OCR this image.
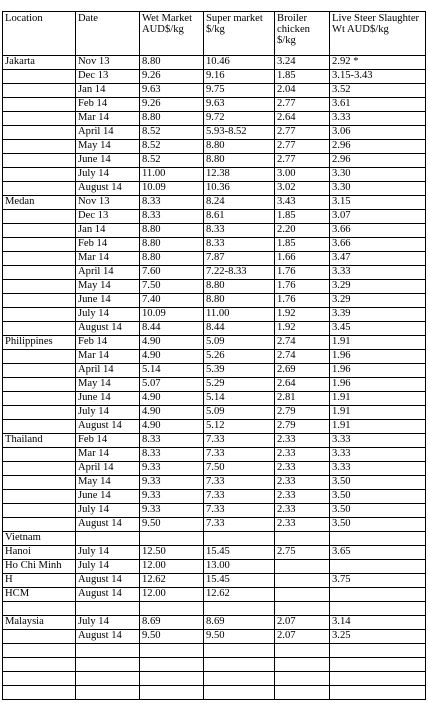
Location	Date	Wet Market AUD$/kg	Super market $/kg	Broiler chicken $/kg	Live Steer Slaughter Wt AUD$/kg
Jakarta	Nov 13	8.80	10.46	3.24	2.92 *
	Dec 13	9.26	9.16	1.85	3.15-3.43
	Jan 14	9.63	9.75	2.04	3.52
	Feb 14	9.26	9.63	2.77	3.61
	Mar 14	8.80	9.72	2.64	3.33
	April 14	8.52	5.93-8.52	2.77	3.06
	May 14	8.52	8.80	2.77	2.96
	June 14	8.52	8.80	2.77	2.96
	July 14	11.00	12.38	3.00	3.30
	August 14	10.09	10.36	3.02	3.30
Medan	Nov 13	8.33	8.24	3.43	3.15
	Dec 13	8.33	8.61	1.85	3.07
	Jan 14	8.80	8.33	2.20	3.66
	Feb 14	8.80	8.33	1.85	3.66
	Mar 14	8.80	7.87	1.66	3.47
	April 14	7.60	7.22-8.33	1.76	3.33
	May 14	7.50	8.80	1.76	3.29
	June 14	7.40	8.80	1.76	3.29
	July 14	10.09	11.00	1.92	3.39
	August 14	8.44	8.44	1.92	3.45
Philippines	Feb 14	4.90	5.09	2.74	1.91
	Mar 14	4.90	5.26	2.74	1.96
	April 14	5.14	5.39	2.69	1.96
	May 14	5.07	5.29	2.64	1.96
	June 14	4.90	5.14	2.81	1.91
	July 14	4.90	5.09	2.79	1.91
	August 14	4.90	5.12	2.79	1.91
Thailand	Feb 14	8.33	7.33	2.33	3.33
	Mar 14	8.33	7.33	2.33	3.33
	April 14	9.33	7.50	2.33	3.33
	May 14	9.33	7.33	2.33	3.50
	June 14	9.33	7.33	2.33	3.50
	July 14	9.33	7.33	2.33	3.50
	August 14	9.50	7.33	2.33	3.50
Vietnam					
Hanoi	July 14	12.50	15.45	2.75	3.65
Ho Chi Minh	July 14	12.00	13.00		
H	August 14	12.62	15.45		3.75
HCM	August 14	12.00	12.62		

Malaysia	July 14	8.69	8.69	2.07	3.14
	August 14	9.50	9.50	2.07	3.25
